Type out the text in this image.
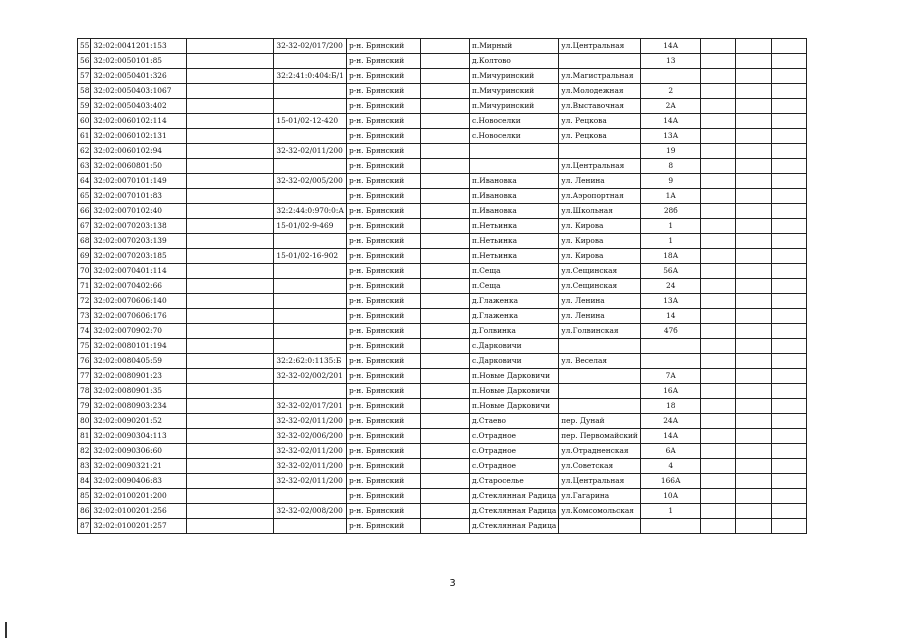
55	32:02:0041201:153		32-32-02/017/200	р-н. Брянский		п.Мирный	ул.Центральная	14А			
56	32:02:0050101:85			р-н. Брянский		д.Колтово		13			
57	32:02:0050401:326		32:2:41:0:404:Б/1	р-н. Брянский		п.Мичуринский	ул.Магистральная				
58	32:02:0050403:1067			р-н. Брянский		п.Мичуринский	ул.Молодежная	2			
59	32:02:0050403:402			р-н. Брянский		п.Мичуринский	ул.Выставочная	2А			
60	32:02:0060102:114		15-01/02-12-420	р-н. Брянский		с.Новоселки	ул. Рецкова	14А			
61	32:02:0060102:131			р-н. Брянский		с.Новоселки	ул. Рецкова	13А			
62	32:02:0060102:94		32-32-02/011/200	р-н. Брянский				19			
63	32:02:0060801:50			р-н. Брянский			ул.Центральная	8			
64	32:02:0070101:149		32-32-02/005/200	р-н. Брянский		п.Ивановка	ул. Ленина	9			
65	32:02:0070101:83			р-н. Брянский		п.Ивановка	ул.Аэропортная	1А			
66	32:02:0070102:40		32:2:44:0:970:0:А	р-н. Брянский		п.Ивановка	ул.Школьная	28б			
67	32:02:0070203:138		15-01/02-9-469	р-н. Брянский		п.Нетьинка	ул. Кирова	1			
68	32:02:0070203:139			р-н. Брянский		п.Нетьинка	ул. Кирова	1			
69	32:02:0070203:185		15-01/02-16-902	р-н. Брянский		п.Нетьинка	ул. Кирова	18А			
70	32:02:0070401:114			р-н. Брянский		п.Сеща	ул.Сещинская	56А			
71	32:02:0070402:66			р-н. Брянский		п.Сеща	ул.Сещинская	24			
72	32:02:0070606:140			р-н. Брянский		д.Глаженка	ул. Ленина	13А			
73	32:02:0070606:176			р-н. Брянский		д.Глаженка	ул. Ленина	14			
74	32:02:0070902:70			р-н. Брянский		д.Голвинка	ул.Голвинская	47б			
75	32:02:0080101:194			р-н. Брянский		с.Дарковичи					
76	32:02:0080405:59		32:2:62:0:1135:Б	р-н. Брянский		с.Дарковичи	ул. Веселая				
77	32:02:0080901:23		32-32-02/002/201	р-н. Брянский		п.Новые Дарковичи		7А			
78	32:02:0080901:35			р-н. Брянский		п.Новые Дарковичи		16А			
79	32:02:0080903:234		32-32-02/017/201	р-н. Брянский		п.Новые Дарковичи		18			
80	32:02:0090201:52		32-32-02/011/200	р-н. Брянский		д.Стаево	пер. Дунай	24А			
81	32:02:0090304:113		32-32-02/006/200	р-н. Брянский		с.Отрадное	пер. Первомайский	14А			
82	32:02:0090306:60		32-32-02/011/200	р-н. Брянский		с.Отрадное	ул.Отрадненская	6А			
83	32:02:0090321:21		32-32-02/011/200	р-н. Брянский		с.Отрадное	ул.Советская	4			
84	32:02:0090406:83		32-32-02/011/200	р-н. Брянский		д.Староселье	ул.Центральная	166А			
85	32:02:0100201:200			р-н. Брянский		д.Стеклянная Радица	ул.Гагарина	10А			
86	32:02:0100201:256		32-32-02/008/200	р-н. Брянский		д.Стеклянная Радица	ул.Комсомольская	1			
87	32:02:0100201:257			р-н. Брянский		д.Стеклянная Радица					
3
